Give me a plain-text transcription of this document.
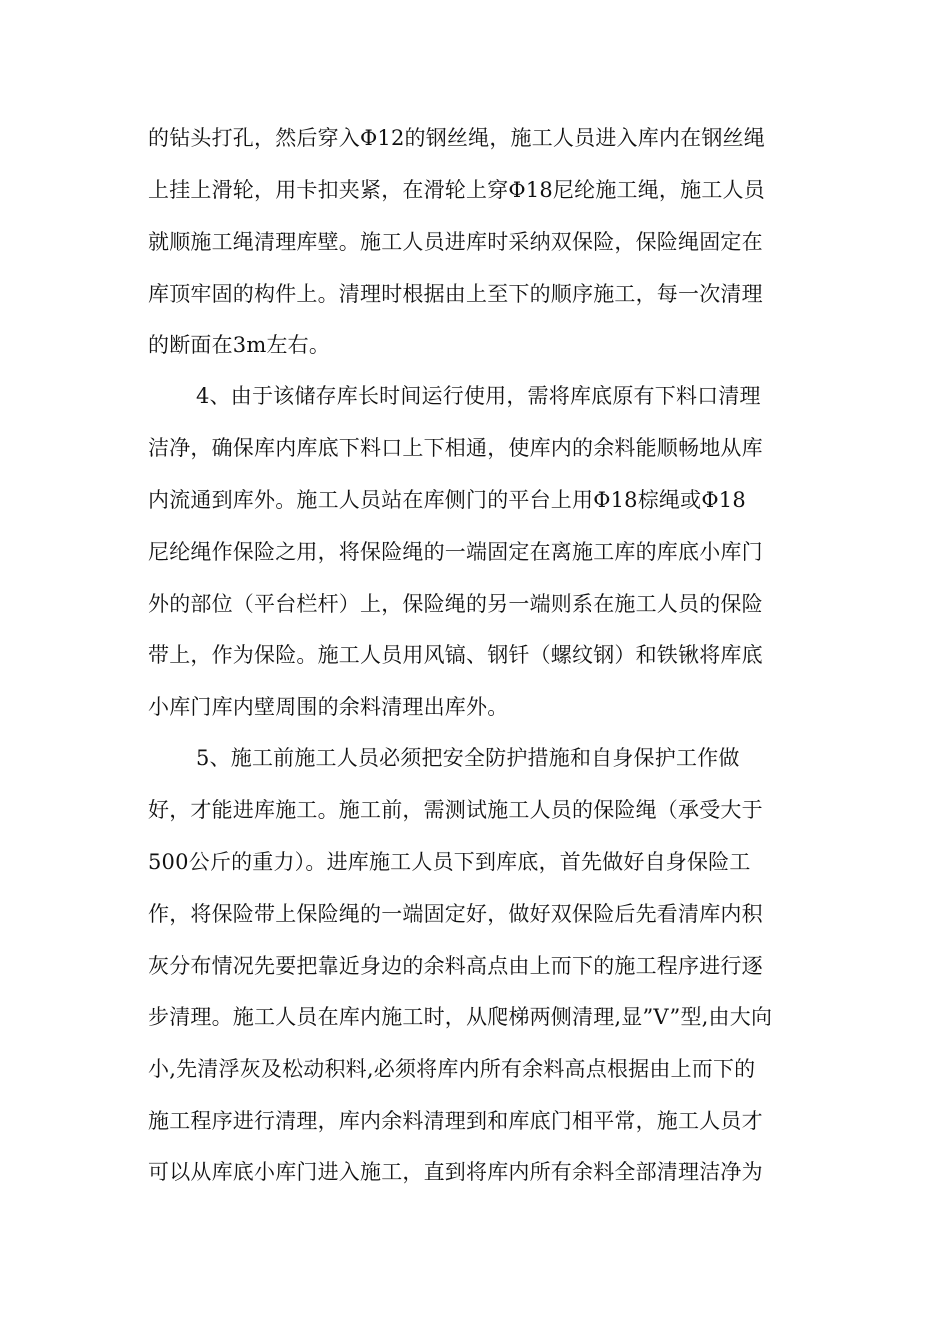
的钻头打孔，然后穿入Φ12的钢丝绳，施工人员进入库内在钢丝绳
上挂上滑轮，用卡扣夹紧，在滑轮上穿Φ18尼纶施工绳，施工人员
就顺施工绳清理库壁。施工人员进库时采纳双保险，保险绳固定在
库顶牢固的构件上。清理时根据由上至下的顺序施工，每一次清理
的断面在3m左右。
4、由于该储存库长时间运行使用，需将库底原有下料口清理
洁净，确保库内库底下料口上下相通，使库内的余料能顺畅地从库
内流通到库外。施工人员站在库侧门的平台上用Φ18棕绳或Φ18
尼纶绳作保险之用，将保险绳的一端固定在离施工库的库底小库门
外的部位（平台栏杆）上，保险绳的另一端则系在施工人员的保险
带上，作为保险。施工人员用风镐、钢钎（螺纹钢）和铁锹将库底
小库门库内壁周围的余料清理出库外。
5、施工前施工人员必须把安全防护措施和自身保护工作做
好，才能进库施工。施工前，需测试施工人员的保险绳（承受大于
500公斤的重力）。进库施工人员下到库底，首先做好自身保险工
作，将保险带上保险绳的一端固定好，做好双保险后先看清库内积
灰分布情况先要把靠近身边的余料高点由上而下的施工程序进行逐
步清理。施工人员在库内施工时，从爬梯两侧清理,显”V”型,由大向
小,先清浮灰及松动积料,必须将库内所有余料高点根据由上而下的
施工程序进行清理，库内余料清理到和库底门相平常，施工人员才
可以从库底小库门进入施工，直到将库内所有余料全部清理洁净为
